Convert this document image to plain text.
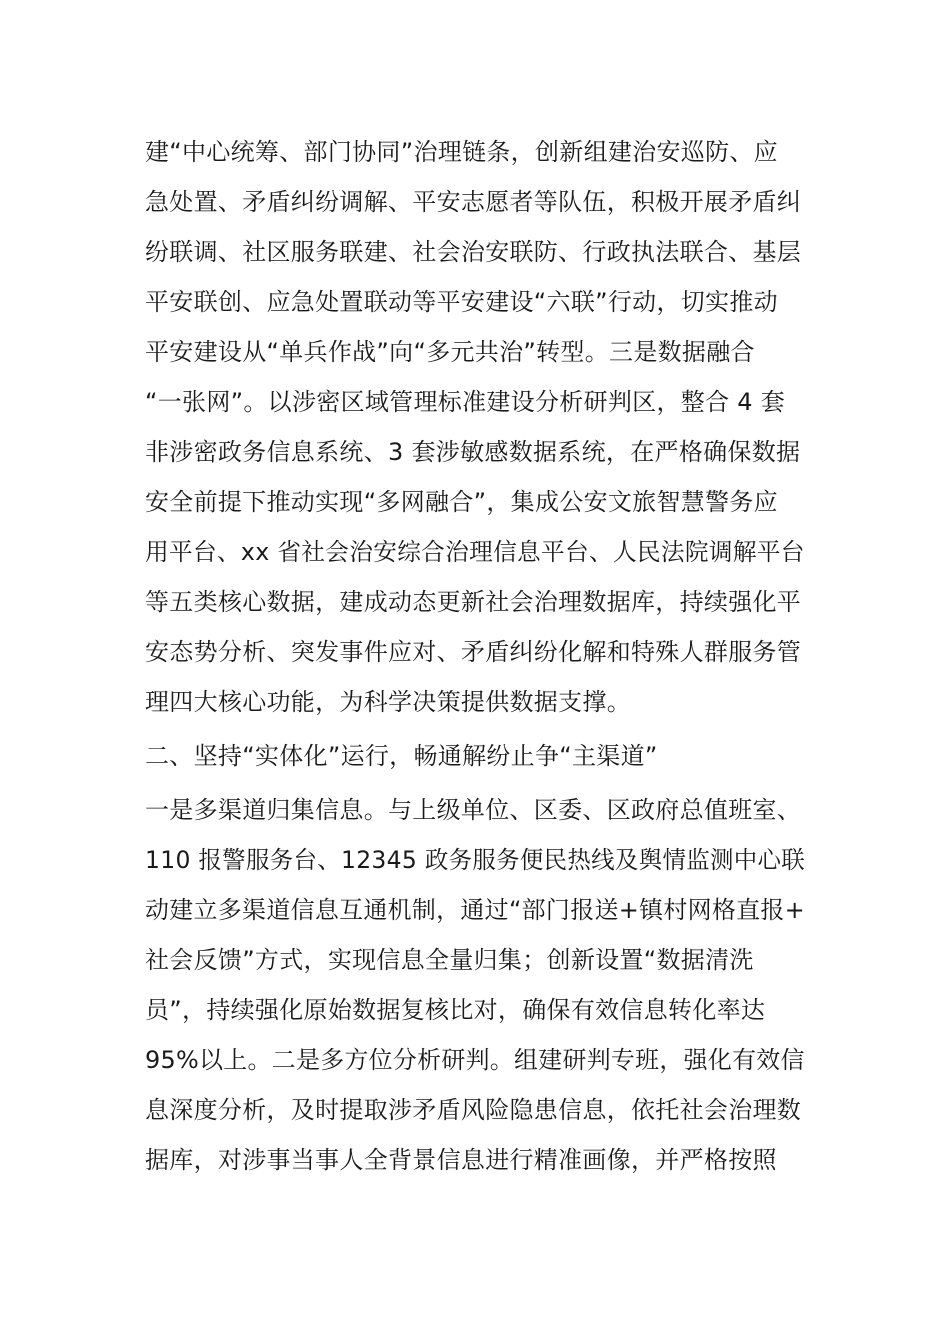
建“中心统筹、部门协同”治理链条，创新组建治安巡防、应
急处置、矛盾纠纷调解、平安志愿者等队伍，积极开展矛盾纠
纷联调、社区服务联建、社会治安联防、行政执法联合、基层
平安联创、应急处置联动等平安建设“六联”行动，切实推动
平安建设从“单兵作战”向“多元共治”转型。三是数据融合
“一张网”。以涉密区域管理标准建设分析研判区，整合 4 套
非涉密政务信息系统、3 套涉敏感数据系统，在严格确保数据
安全前提下推动实现“多网融合”，集成公安文旅智慧警务应
用平台、xx 省社会治安综合治理信息平台、人民法院调解平台
等五类核心数据，建成动态更新社会治理数据库，持续强化平
安态势分析、突发事件应对、矛盾纠纷化解和特殊人群服务管
理四大核心功能，为科学决策提供数据支撑。
二、坚持“实体化”运行，畅通解纷止争“主渠道”
一是多渠道归集信息。与上级单位、区委、区政府总值班室、
110 报警服务台、12345 政务服务便民热线及舆情监测中心联
动建立多渠道信息互通机制，通过“部门报送+镇村网格直报+
社会反馈”方式，实现信息全量归集；创新设置“数据清洗
员”，持续强化原始数据复核比对，确保有效信息转化率达
95%以上。二是多方位分析研判。组建研判专班，强化有效信
息深度分析，及时提取涉矛盾风险隐患信息，依托社会治理数
据库，对涉事当事人全背景信息进行精准画像，并严格按照
